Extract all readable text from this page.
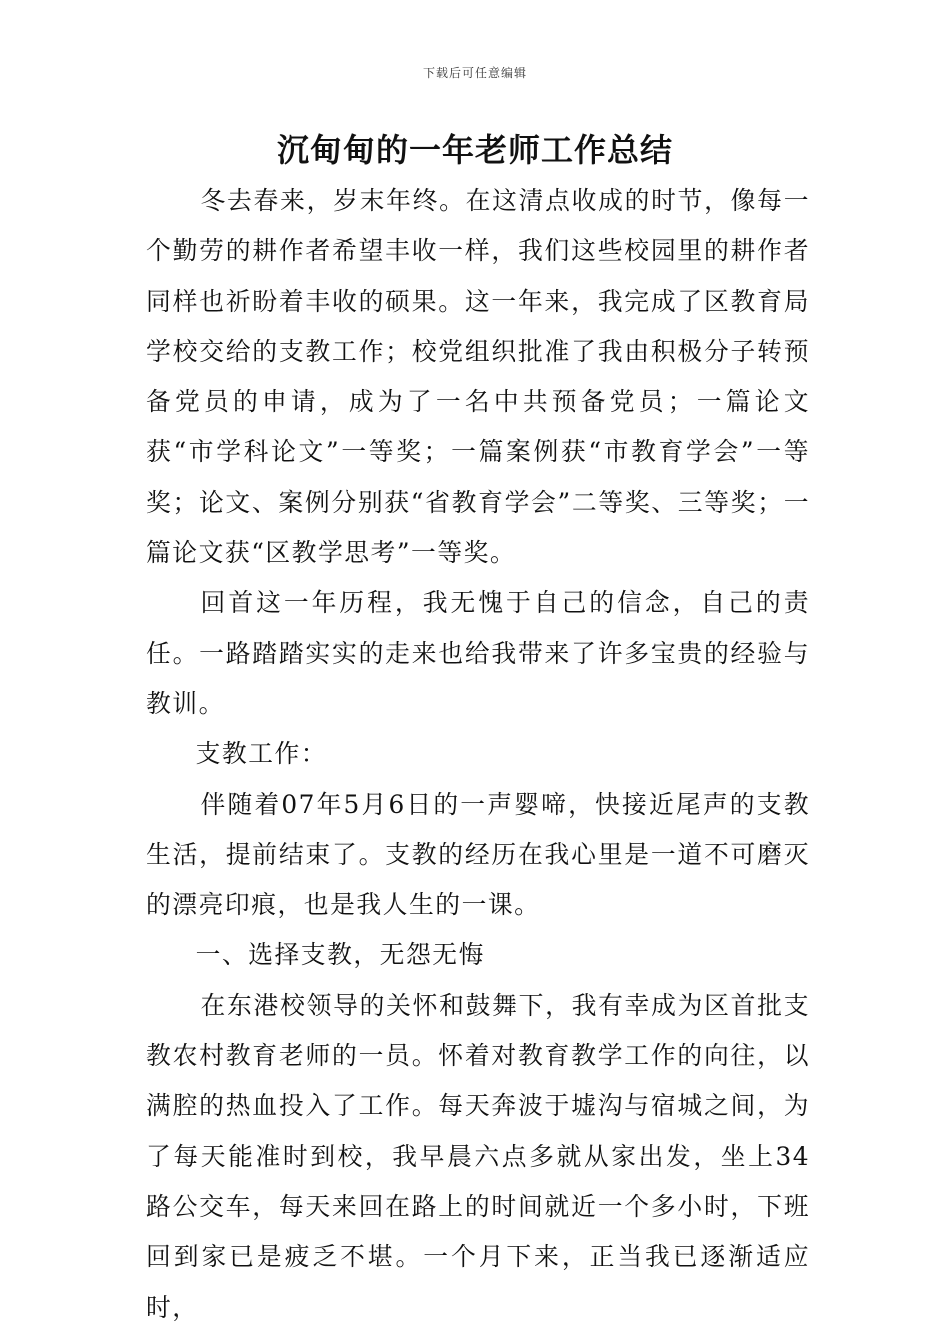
下载后可任意编辑
沉甸甸的一年老师工作总结

冬去春来，岁末年终。在这清点收成的时节，像每一个勤劳的耕作者希望丰收一样，我们这些校园里的耕作者同样也祈盼着丰收的硕果。这一年来，我完成了区教育局学校交给的支教工作；校党组织批准了我由积极分子转预备党员的申请，成为了一名中共预备党员；一篇论文获“市学科论文”一等奖；一篇案例获“市教育学会”一等奖；论文、案例分别获“省教育学会”二等奖、三等奖；一篇论文获“区教学思考”一等奖。

回首这一年历程，我无愧于自己的信念，自己的责任。一路踏踏实实的走来也给我带来了许多宝贵的经验与教训。

支教工作：

伴随着07年5月6日的一声婴啼，快接近尾声的支教生活，提前结束了。支教的经历在我心里是一道不可磨灭的漂亮印痕，也是我人生的一课。

一、选择支教，无怨无悔

在东港校领导的关怀和鼓舞下，我有幸成为区首批支教农村教育老师的一员。怀着对教育教学工作的向往，以满腔的热血投入了工作。每天奔波于墟沟与宿城之间，为了每天能准时到校，我早晨六点多就从家出发，坐上34路公交车，每天来回在路上的时间就近一个多小时，下班回到家已是疲乏不堪。一个月下来，正当我已逐渐适应时，
